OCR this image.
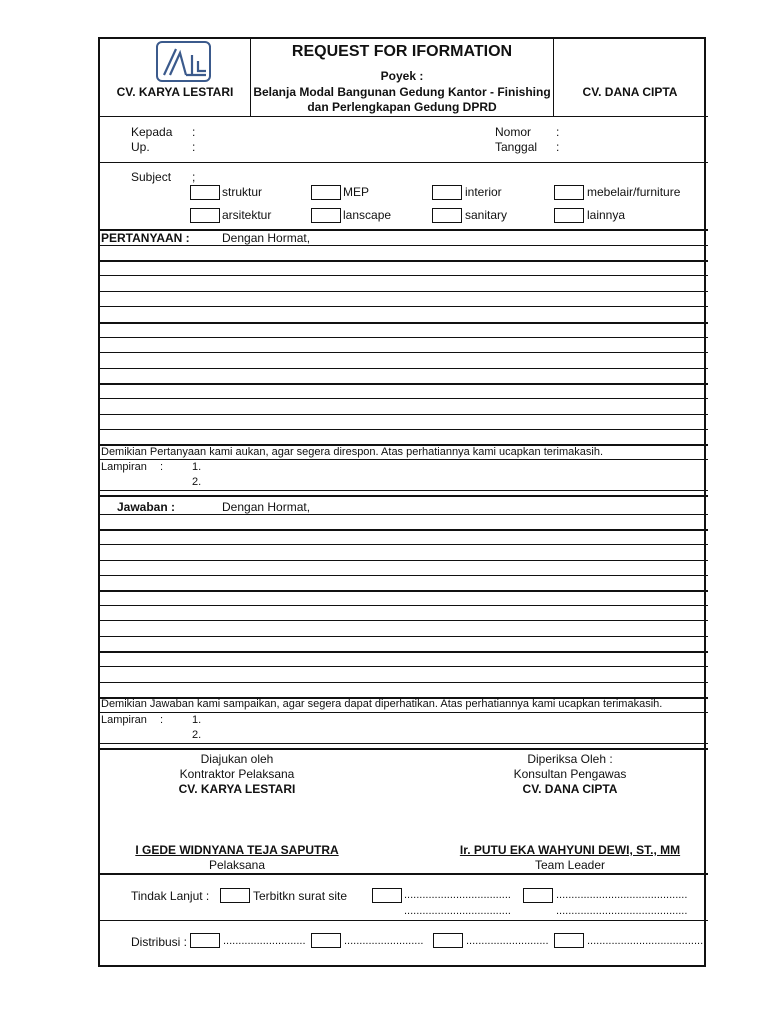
CV. KARYA LESTARI
REQUEST FOR IFORMATION
Poyek :
Belanja Modal Bangunan Gedung Kantor - Finishing
dan Perlengkapan Gedung DPRD
CV. DANA CIPTA
Kepada :
Up.	:
Nomor :
Tanggal :
Subject ;
struktur	MEP	interior	mebelair/furniture
arsitektur	lanscape	sanitary	lainnya
PERTANYAAN :	Dengan Hormat,
Demikian Pertanyaan kami aukan, agar segera direspon. Atas perhatiannya kami ucapkan terimakasih.
Lampiran :	1.
2.
Jawaban :	Dengan Hormat,
Demikian Jawaban kami sampaikan, agar segera dapat diperhatikan. Atas perhatiannya kami ucapkan terimakasih.
Lampiran :	1.
2.
Diajukan oleh
Kontraktor Pelaksana
CV. KARYA LESTARI
I GEDE WIDNYANA TEJA SAPUTRA
Pelaksana
Diperiksa Oleh :
Konsultan Pengawas
CV. DANA CIPTA
Ir. PUTU EKA WAHYUNI DEWI, ST., MM
Team Leader
Tindak Lanjut :	Terbitkn surat site	...................................	...........................................
...................................	...........................................
Distribusi :	...........................	..........................	...........................	.......................................
